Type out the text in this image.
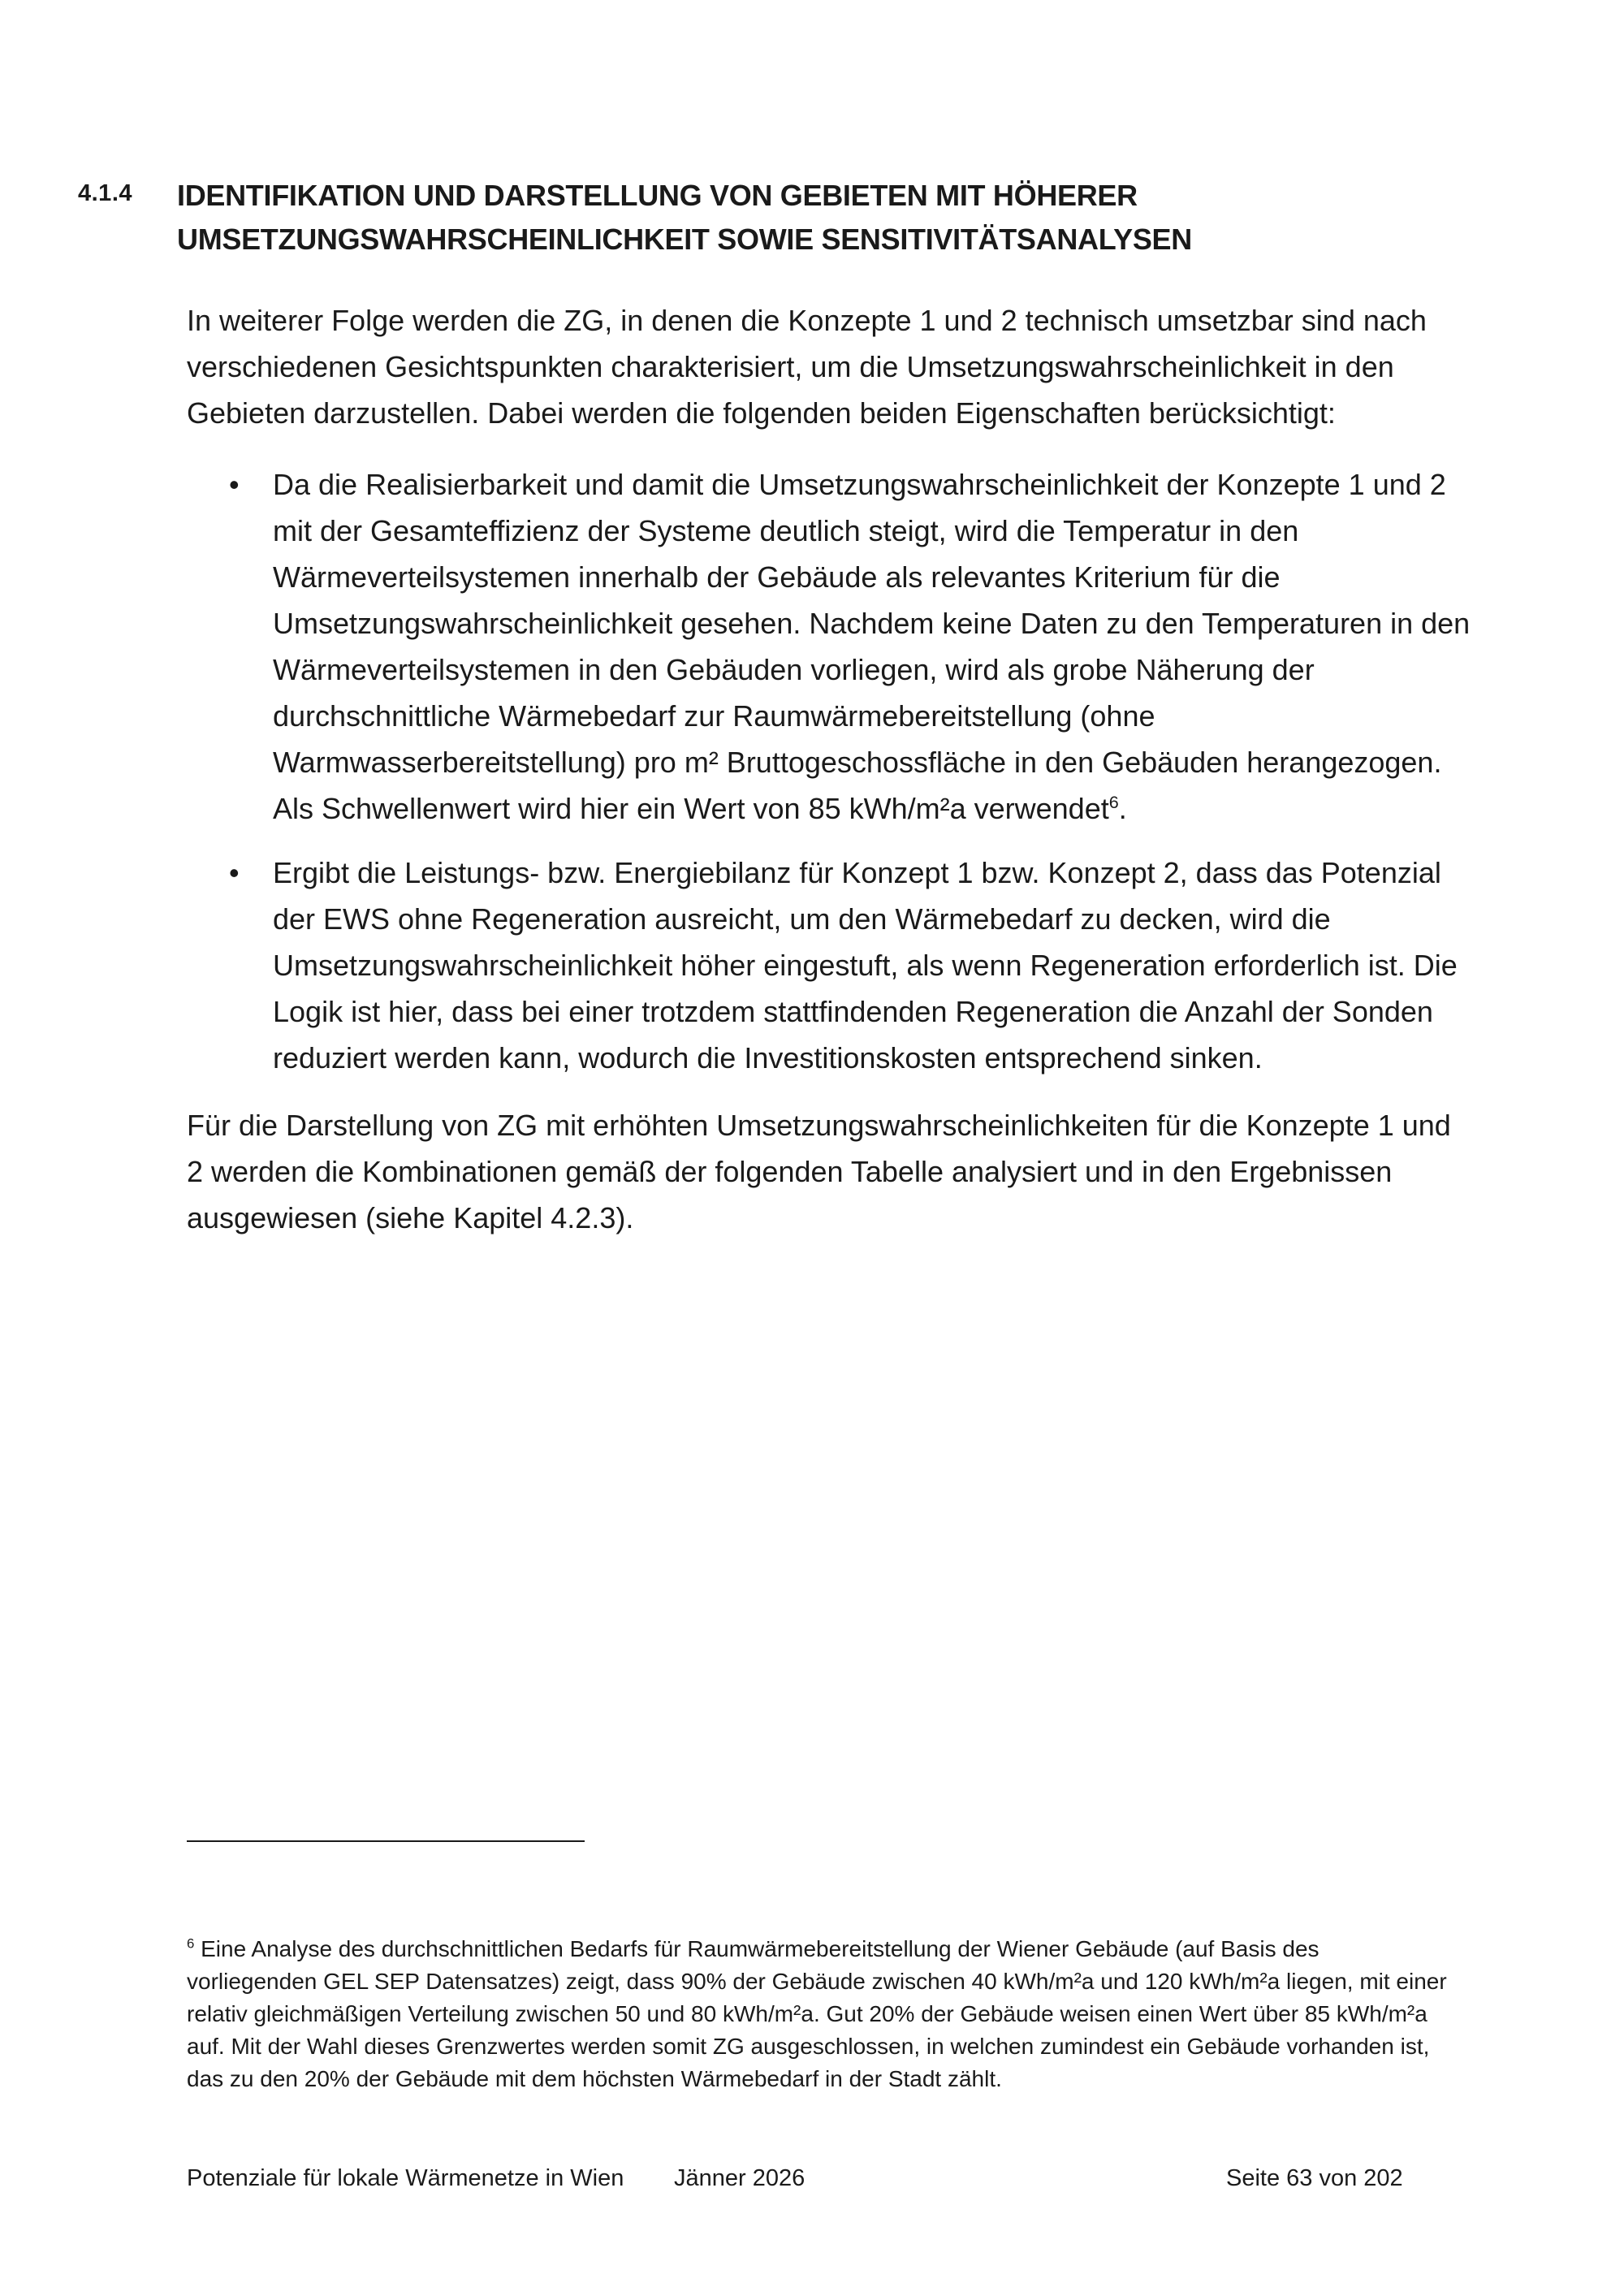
4.1.4 IDENTIFIKATION UND DARSTELLUNG VON GEBIETEN MIT HÖHERER
UMSETZUNGSWAHRSCHEINLICHKEIT SOWIE SENSITIVITÄTSANALYSEN

In weiterer Folge werden die ZG, in denen die Konzepte 1 und 2 technisch umsetzbar sind nach verschiedenen Gesichtspunkten charakterisiert, um die Umsetzungswahrscheinlichkeit in den Gebieten darzustellen. Dabei werden die folgenden beiden Eigenschaften berücksichtigt:

• Da die Realisierbarkeit und damit die Umsetzungswahrscheinlichkeit der Konzepte 1 und 2 mit der Gesamteffizienz der Systeme deutlich steigt, wird die Temperatur in den Wärmeverteilsystemen innerhalb der Gebäude als relevantes Kriterium für die Umsetzungswahrscheinlichkeit gesehen. Nachdem keine Daten zu den Temperaturen in den Wärmeverteilsystemen in den Gebäuden vorliegen, wird als grobe Näherung der durchschnittliche Wärmebedarf zur Raumwärmebereitstellung (ohne Warmwasserbereitstellung) pro m² Bruttogeschossfläche in den Gebäuden herangezogen. Als Schwellenwert wird hier ein Wert von 85 kWh/m²a verwendet$^6$.
• Ergibt die Leistungs- bzw. Energiebilanz für Konzept 1 bzw. Konzept 2, dass das Potenzial der EWS ohne Regeneration ausreicht, um den Wärmebedarf zu decken, wird die Umsetzungswahrscheinlichkeit höher eingestuft, als wenn Regeneration erforderlich ist. Die Logik ist hier, dass bei einer trotzdem stattfindenden Regeneration die Anzahl der Sonden reduziert werden kann, wodurch die Investitionskosten entsprechend sinken.

Für die Darstellung von ZG mit erhöhten Umsetzungswahrscheinlichkeiten für die Konzepte 1 und 2 werden die Kombinationen gemäß der folgenden Tabelle analysiert und in den Ergebnissen ausgewiesen (siehe Kapitel 4.2.3).

$^6$ Eine Analyse des durchschnittlichen Bedarfs für Raumwärmebereitstellung der Wiener Gebäude (auf Basis des vorliegenden GEL SEP Datensatzes) zeigt, dass 90% der Gebäude zwischen 40 kWh/m²a und 120 kWh/m²a liegen, mit einer relativ gleichmäßigen Verteilung zwischen 50 und 80 kWh/m²a. Gut 20% der Gebäude weisen einen Wert über 85 kWh/m²a auf. Mit der Wahl dieses Grenzwertes werden somit ZG ausgeschlossen, in welchen zumindest ein Gebäude vorhanden ist, das zu den 20% der Gebäude mit dem höchsten Wärmebedarf in der Stadt zählt.

Potenziale für lokale Wärmenetze in Wien Jänner 2026	Seite 63 von 202
